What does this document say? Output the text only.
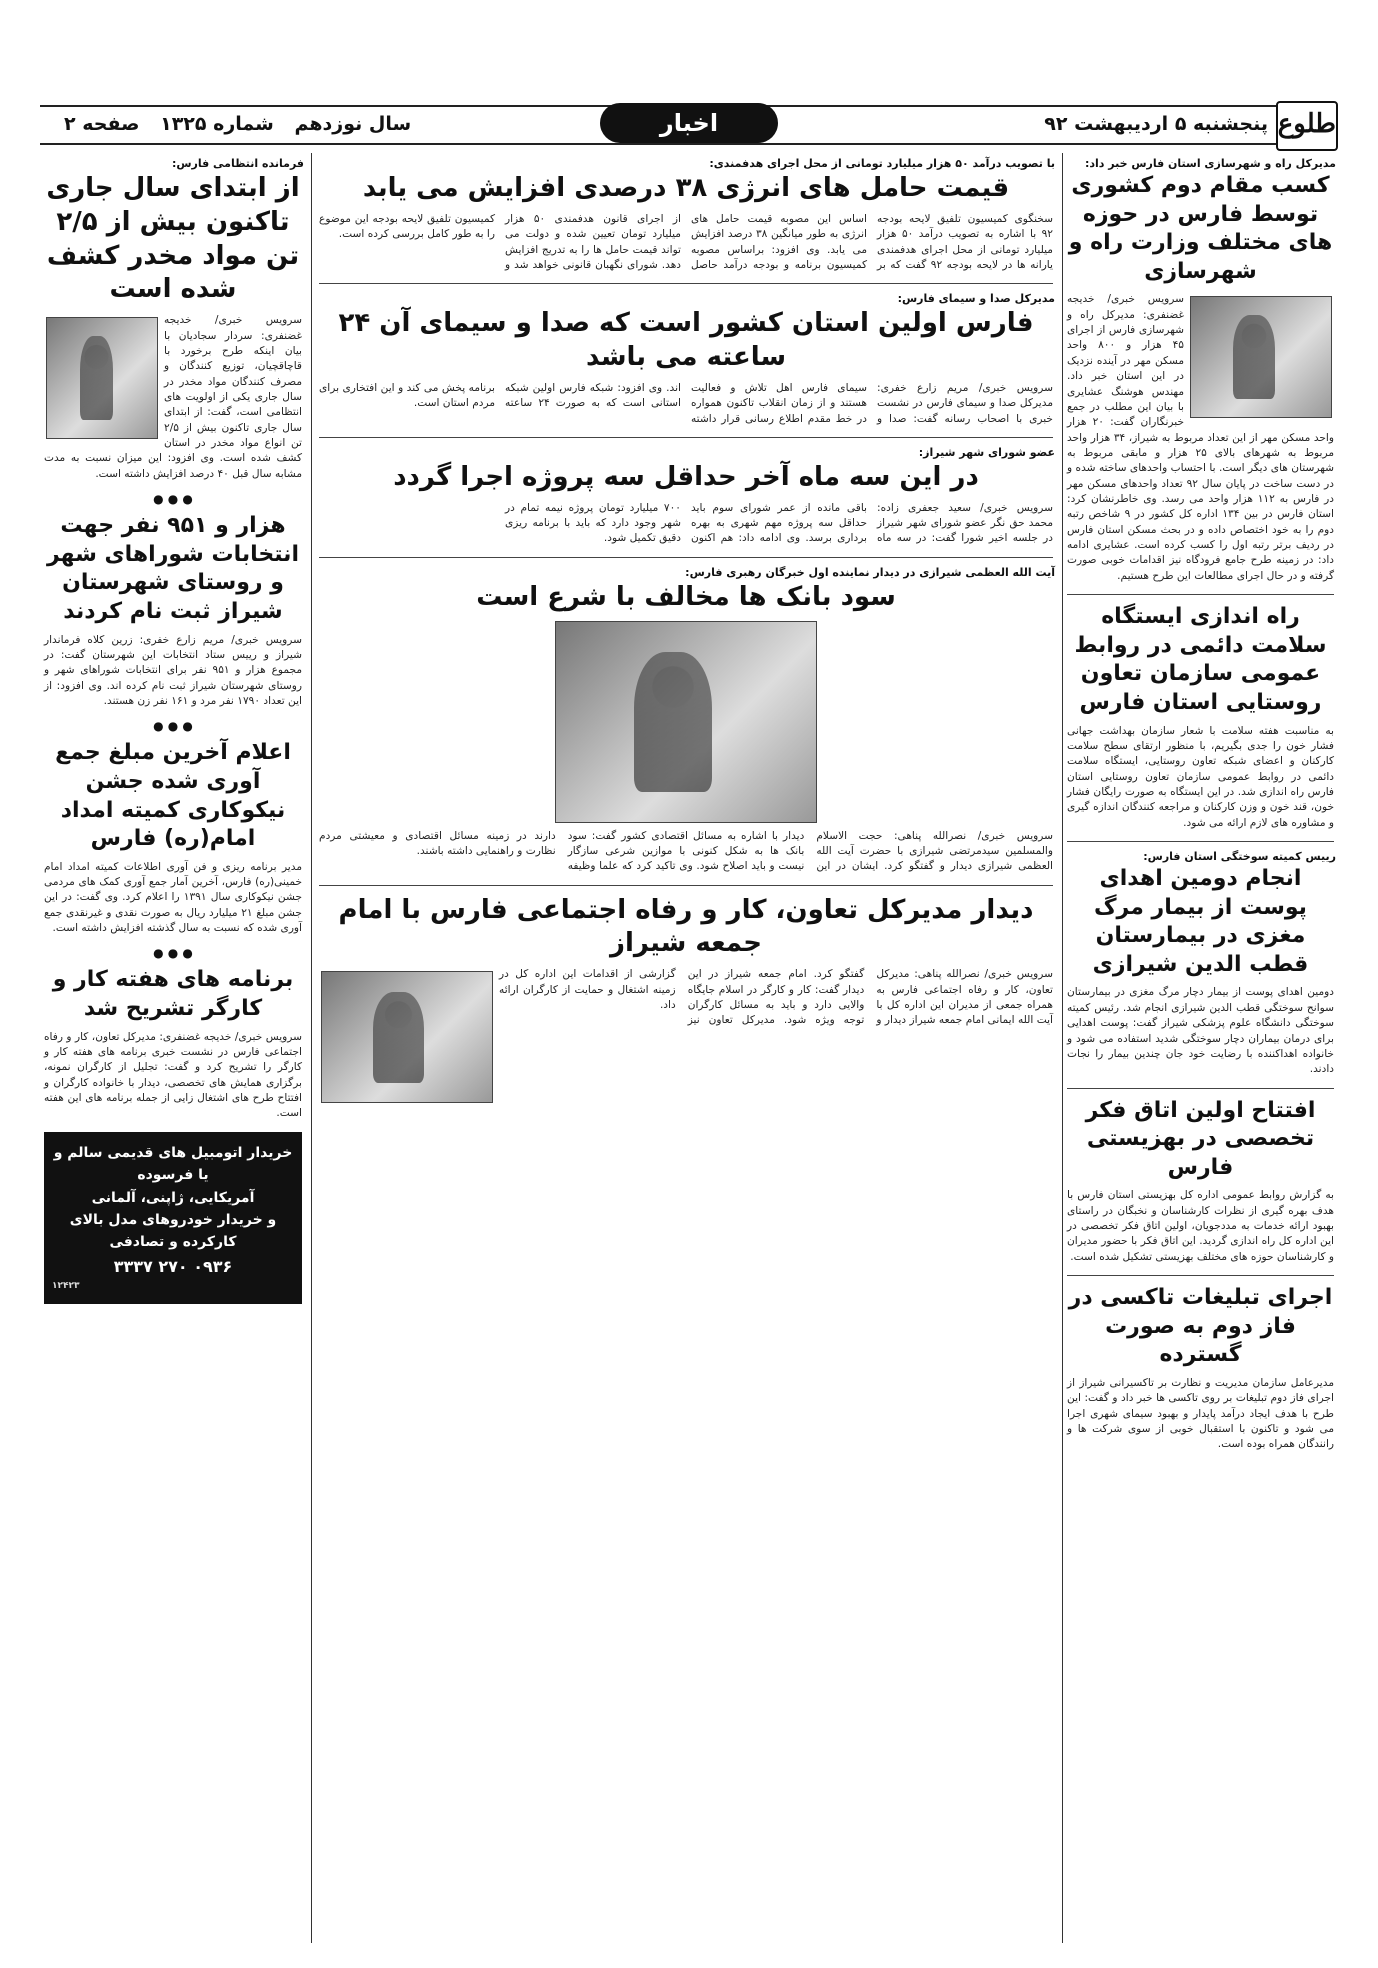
طلوع
پنجشنبه ۵ اردیبهشت ۹۲
اخبار
سال نوزدهم شماره ۱۳۲۵ صفحه ۲
مدیرکل راه و شهرسازی استان فارس خبر داد:
کسب مقام دوم کشوری توسط فارس در حوزه های مختلف وزارت راه و شهرسازی
سرویس خبری/ خدیجه غضنفری: مدیرکل راه و شهرسازی فارس از اجرای ۴۵ هزار و ۸۰۰ واحد مسکن مهر در آینده نزدیک در این استان خبر داد. مهندس هوشنگ عشایری با بیان این مطلب در جمع خبرنگاران گفت: ۲۰ هزار واحد مسکن مهر از این تعداد مربوط به شیراز، ۳۴ هزار واحد مربوط به شهرهای بالای ۲۵ هزار و مابقی مربوط به شهرستان های دیگر است. با احتساب واحدهای ساخته شده و در دست ساخت در پایان سال ۹۲ تعداد واحدهای مسکن مهر در فارس به ۱۱۲ هزار واحد می رسد. وی خاطرنشان کرد: استان فارس در بین ۱۳۴ اداره کل کشور در ۹ شاخص رتبه دوم را به خود اختصاص داده و در بحث مسکن استان فارس در ردیف برتر رتبه اول را کسب کرده است. عشایری ادامه داد: در زمینه طرح جامع فرودگاه نیز اقدامات خوبی صورت گرفته و در حال اجرای مطالعات این طرح هستیم.
راه اندازی ایستگاه سلامت دائمی در روابط عمومی سازمان تعاون روستایی استان فارس
به مناسبت هفته سلامت با شعار سازمان بهداشت جهانی فشار خون را جدی بگیریم، با منظور ارتقای سطح سلامت کارکنان و اعضای شبکه تعاون روستایی، ایستگاه سلامت دائمی در روابط عمومی سازمان تعاون روستایی استان فارس راه اندازی شد. در این ایستگاه به صورت رایگان فشار خون، قند خون و وزن کارکنان و مراجعه کنندگان اندازه گیری و مشاوره های لازم ارائه می شود.
رییس کمیته سوختگی استان فارس:
انجام دومین اهدای پوست از بیمار مرگ مغزی در بیمارستان قطب الدین شیرازی
دومین اهدای پوست از بیمار دچار مرگ مغزی در بیمارستان سوانح سوختگی قطب الدین شیرازی انجام شد. رئیس کمیته سوختگی دانشگاه علوم پزشکی شیراز گفت: پوست اهدایی برای درمان بیماران دچار سوختگی شدید استفاده می شود و خانواده اهداکننده با رضایت خود جان چندین بیمار را نجات دادند.
افتتاح اولین اتاق فکر تخصصی در بهزیستی فارس
به گزارش روابط عمومی اداره کل بهزیستی استان فارس با هدف بهره گیری از نظرات کارشناسان و نخبگان در راستای بهبود ارائه خدمات به مددجویان، اولین اتاق فکر تخصصی در این اداره کل راه اندازی گردید. این اتاق فکر با حضور مدیران و کارشناسان حوزه های مختلف بهزیستی تشکیل شده است.
اجرای تبلیغات تاکسی در فاز دوم به صورت گسترده
مدیرعامل سازمان مدیریت و نظارت بر تاکسیرانی شیراز از اجرای فاز دوم تبلیغات بر روی تاکسی ها خبر داد و گفت: این طرح با هدف ایجاد درآمد پایدار و بهبود سیمای شهری اجرا می شود و تاکنون با استقبال خوبی از سوی شرکت ها و رانندگان همراه بوده است.
با تصویب درآمد ۵۰ هزار میلیارد تومانی از محل اجرای هدفمندی:
قیمت حامل های انرژی ۳۸ درصدی افزایش می یابد
سخنگوی کمیسیون تلفیق لایحه بودجه ۹۲ با اشاره به تصویب درآمد ۵۰ هزار میلیارد تومانی از محل اجرای هدفمندی یارانه ها در لایحه بودجه ۹۲ گفت که بر اساس این مصوبه قیمت حامل های انرژی به طور میانگین ۳۸ درصد افزایش می یابد. وی افزود: براساس مصوبه کمیسیون برنامه و بودجه درآمد حاصل از اجرای قانون هدفمندی ۵۰ هزار میلیارد تومان تعیین شده و دولت می تواند قیمت حامل ها را به تدریج افزایش دهد. شورای نگهبان قانونی خواهد شد و کمیسیون تلفیق لایحه بودجه این موضوع را به طور کامل بررسی کرده است.
مدیرکل صدا و سیمای فارس:
فارس اولین استان کشور است که صدا و سیمای آن ۲۴ ساعته می باشد
سرویس خبری/ مریم زارع خفری: مدیرکل صدا و سیمای فارس در نشست خبری با اصحاب رسانه گفت: صدا و سیمای فارس اهل تلاش و فعالیت هستند و از زمان انقلاب تاکنون همواره در خط مقدم اطلاع رسانی قرار داشته اند. وی افزود: شبکه فارس اولین شبکه استانی است که به صورت ۲۴ ساعته برنامه پخش می کند و این افتخاری برای مردم استان است.
عضو شورای شهر شیراز:
در این سه ماه آخر حداقل سه پروژه اجرا گردد
سرویس خبری/ سعید جعفری زاده: محمد حق نگر عضو شورای شهر شیراز در جلسه اخیر شورا گفت: در سه ماه باقی مانده از عمر شورای سوم باید حداقل سه پروژه مهم شهری به بهره برداری برسد. وی ادامه داد: هم اکنون ۷۰۰ میلیارد تومان پروژه نیمه تمام در شهر وجود دارد که باید با برنامه ریزی دقیق تکمیل شود.
آیت الله العظمی شیرازی در دیدار نماینده اول خبرگان رهبری فارس:
سود بانک ها مخالف با شرع است
سرویس خبری/ نصرالله پناهی: حجت الاسلام والمسلمین سیدمرتضی شیرازی با حضرت آیت الله العظمی شیرازی دیدار و گفتگو کرد. ایشان در این دیدار با اشاره به مسائل اقتصادی کشور گفت: سود بانک ها به شکل کنونی با موازین شرعی سازگار نیست و باید اصلاح شود. وی تاکید کرد که علما وظیفه دارند در زمینه مسائل اقتصادی و معیشتی مردم نظارت و راهنمایی داشته باشند.
دیدار مدیرکل تعاون، کار و رفاه اجتماعی فارس با امام جمعه شیراز
سرویس خبری/ نصرالله پناهی: مدیرکل تعاون، کار و رفاه اجتماعی فارس به همراه جمعی از مدیران این اداره کل با آیت الله ایمانی امام جمعه شیراز دیدار و گفتگو کرد. امام جمعه شیراز در این دیدار گفت: کار و کارگر در اسلام جایگاه والایی دارد و باید به مسائل کارگران توجه ویژه شود. مدیرکل تعاون نیز گزارشی از اقدامات این اداره کل در زمینه اشتغال و حمایت از کارگران ارائه داد.
فرمانده انتظامی فارس:
از ابتدای سال جاری تاکنون بیش از ۲/۵ تن مواد مخدر کشف شده است
سرویس خبری/ خدیجه غضنفری: سردار سجادیان با بیان اینکه طرح برخورد با قاچاقچیان، توزیع کنندگان و مصرف کنندگان مواد مخدر در سال جاری یکی از اولویت های انتظامی است، گفت: از ابتدای سال جاری تاکنون بیش از ۲/۵ تن انواع مواد مخدر در استان کشف شده است. وی افزود: این میزان نسبت به مدت مشابه سال قبل ۴۰ درصد افزایش داشته است.
● ● ●
هزار و ۹۵۱ نفر جهت انتخابات شوراهای شهر و روستای شهرستان شیراز ثبت نام کردند
سرویس خبری/ مریم زارع خفری: زرین کلاه فرماندار شیراز و رییس ستاد انتخابات این شهرستان گفت: در مجموع هزار و ۹۵۱ نفر برای انتخابات شوراهای شهر و روستای شهرستان شیراز ثبت نام کرده اند. وی افزود: از این تعداد ۱۷۹۰ نفر مرد و ۱۶۱ نفر زن هستند.
● ● ●
اعلام آخرین مبلغ جمع آوری شده جشن نیکوکاری کمیته امداد امام(ره) فارس
مدیر برنامه ریزی و فن آوری اطلاعات کمیته امداد امام خمینی(ره) فارس، آخرین آمار جمع آوری کمک های مردمی جشن نیکوکاری سال ۱۳۹۱ را اعلام کرد. وی گفت: در این جشن مبلغ ۲۱ میلیارد ریال به صورت نقدی و غیرنقدی جمع آوری شده که نسبت به سال گذشته افزایش داشته است.
● ● ●
برنامه های هفته کار و کارگر تشریح شد
سرویس خبری/ خدیجه غضنفری: مدیرکل تعاون، کار و رفاه اجتماعی فارس در نشست خبری برنامه های هفته کار و کارگر را تشریح کرد و گفت: تجلیل از کارگران نمونه، برگزاری همایش های تخصصی، دیدار با خانواده کارگران و افتتاح طرح های اشتغال زایی از جمله برنامه های این هفته است.
خریدار اتومبیل های قدیمی سالم و یا فرسوده
آمریکایی، ژاپنی، آلمانی
و خریدار خودروهای مدل بالای کارکرده و تصادفی
۰۹۳۶ ۲۷۰ ۳۳۳۷
۱۲۴۲۳
